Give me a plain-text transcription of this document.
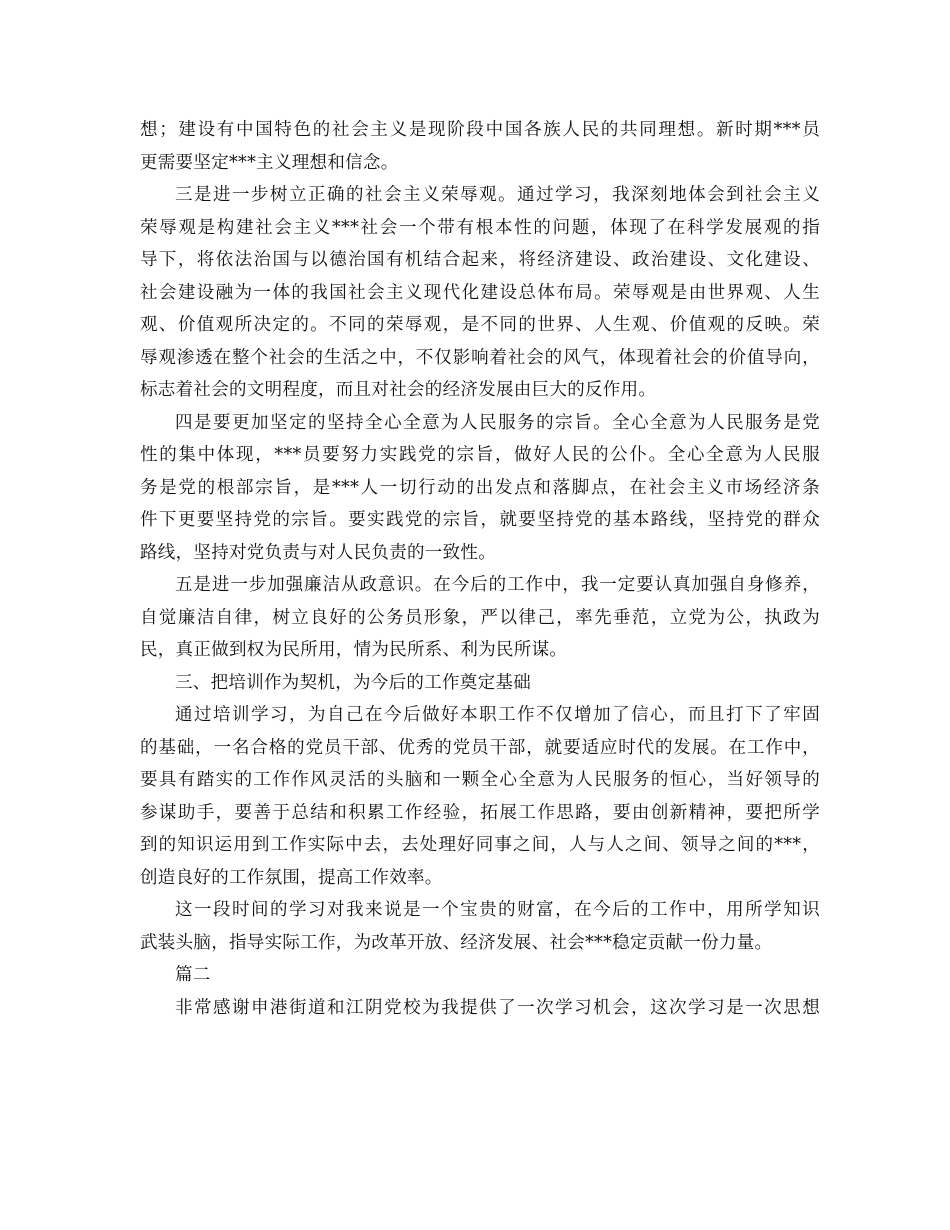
想；建设有中国特色的社会主义是现阶段中国各族人民的共同理想。新时期***员
更需要坚定***主义理想和信念。
三是进一步树立正确的社会主义荣辱观。通过学习，我深刻地体会到社会主义
荣辱观是构建社会主义***社会一个带有根本性的问题，体现了在科学发展观的指
导下，将依法治国与以德治国有机结合起来，将经济建设、政治建设、文化建设、
社会建设融为一体的我国社会主义现代化建设总体布局。荣辱观是由世界观、人生
观、价值观所决定的。不同的荣辱观，是不同的世界、人生观、价值观的反映。荣
辱观渗透在整个社会的生活之中，不仅影响着社会的风气，体现着社会的价值导向，
标志着社会的文明程度，而且对社会的经济发展由巨大的反作用。
四是要更加坚定的坚持全心全意为人民服务的宗旨。全心全意为人民服务是党
性的集中体现，***员要努力实践党的宗旨，做好人民的公仆。全心全意为人民服
务是党的根部宗旨，是***人一切行动的出发点和落脚点，在社会主义市场经济条
件下更要坚持党的宗旨。要实践党的宗旨，就要坚持党的基本路线，坚持党的群众
路线，坚持对党负责与对人民负责的一致性。
五是进一步加强廉洁从政意识。在今后的工作中，我一定要认真加强自身修养，
自觉廉洁自律，树立良好的公务员形象，严以律己，率先垂范，立党为公，执政为
民，真正做到权为民所用，情为民所系、利为民所谋。
三、把培训作为契机，为今后的工作奠定基础
通过培训学习，为自己在今后做好本职工作不仅增加了信心，而且打下了牢固
的基础，一名合格的党员干部、优秀的党员干部，就要适应时代的发展。在工作中，
要具有踏实的工作作风灵活的头脑和一颗全心全意为人民服务的恒心，当好领导的
参谋助手，要善于总结和积累工作经验，拓展工作思路，要由创新精神，要把所学
到的知识运用到工作实际中去，去处理好同事之间，人与人之间、领导之间的***，
创造良好的工作氛围，提高工作效率。
这一段时间的学习对我来说是一个宝贵的财富，在今后的工作中，用所学知识
武装头脑，指导实际工作，为改革开放、经济发展、社会***稳定贡献一份力量。
篇二
非常感谢申港街道和江阴党校为我提供了一次学习机会，这次学习是一次思想
